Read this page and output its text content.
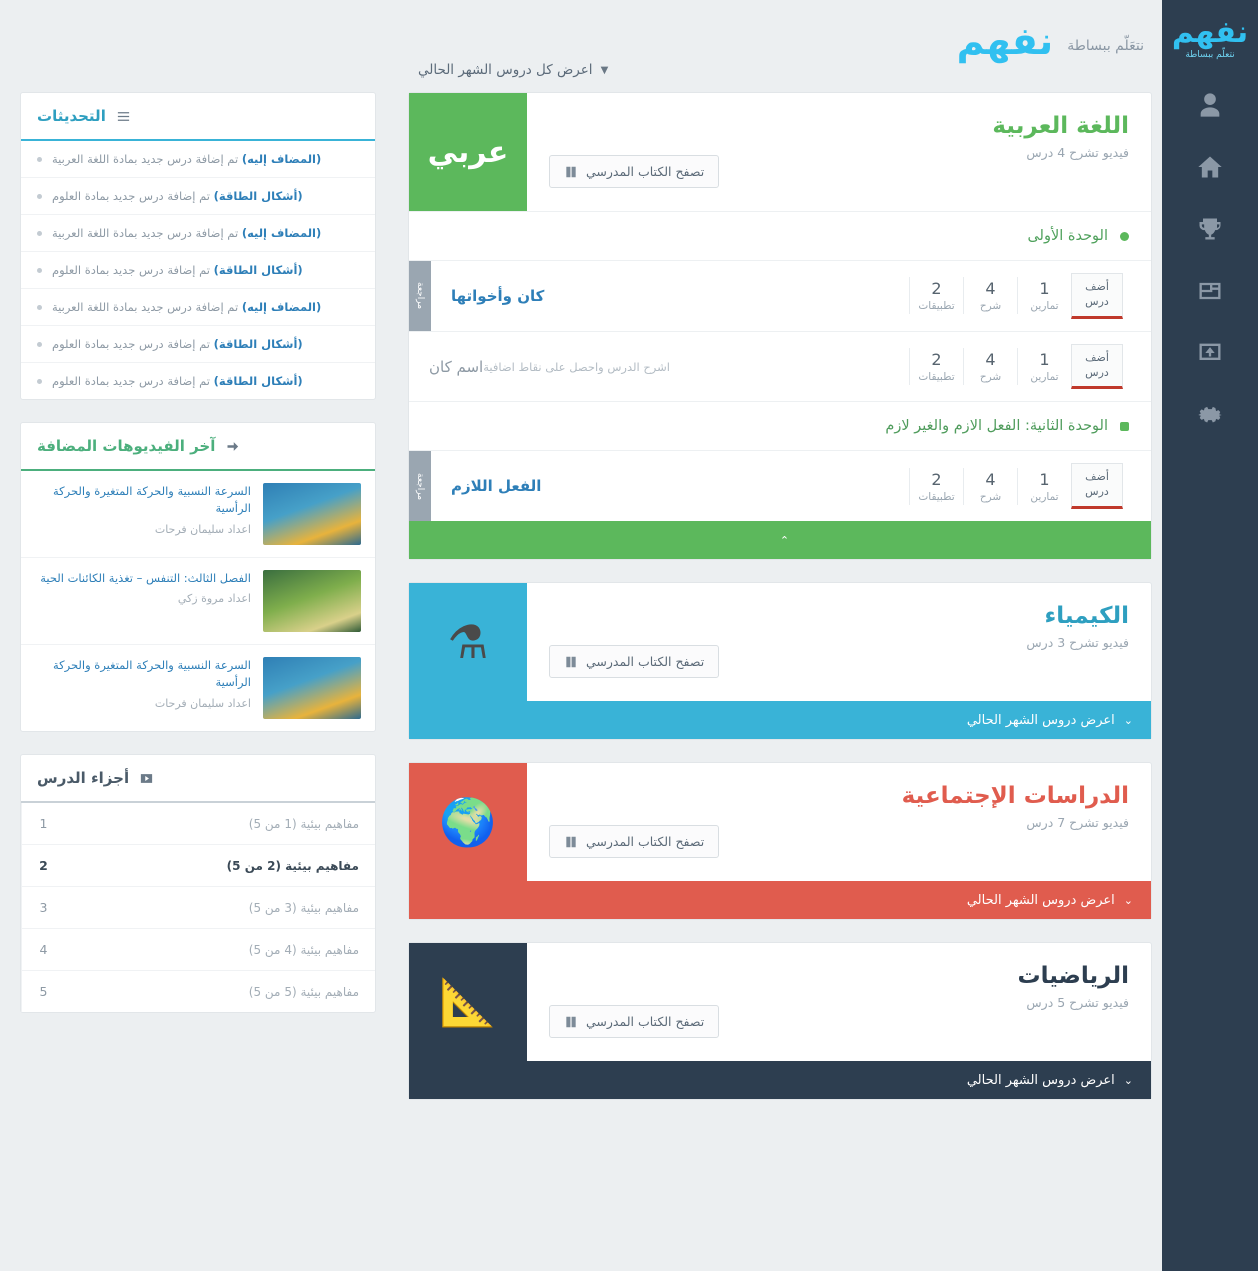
نفهم
نتعلّم ببساطة
نفهم نتعَلّم ببساطة
▼
اعرض كل دروس الشهر الحالي
اللغة العربية
فيديو تشرح 4 درس
تصفح الكتاب المدرسي
عربي
الوحدة الأولى
أضف درس
2
تطبيقات
4
شرح
1
تمارين
كان وأخواتها
مراجعة
أضف درس
2
تطبيقات
4
شرح
1
تمارين
اشرح الدرس واحصل على نقاط اضافية
اسم كان
الوحدة الثانية: الفعل الازم والغير لازم
أضف درس
2
تطبيقات
4
شرح
1
تمارين
الفعل اللازم
مراجعة
⌃
الكيمياء
فيديو تشرح 3 درس
تصفح الكتاب المدرسي
⚗
⌄
اعرض دروس الشهر الحالي
الدراسات الإجتماعية
فيديو تشرح 7 درس
تصفح الكتاب المدرسي
🌍
⌄
اعرض دروس الشهر الحالي
الرياضيات
فيديو تشرح 5 درس
تصفح الكتاب المدرسي
📐
⌄
اعرض دروس الشهر الحالي
التحديثات
(المضاف إليه) تم إضافة درس جديد بمادة اللغة العربية
(أشكال الطاقة) تم إضافة درس جديد بمادة العلوم
(المضاف إليه) تم إضافة درس جديد بمادة اللغة العربية
(أشكال الطاقة) تم إضافة درس جديد بمادة العلوم
(المضاف إليه) تم إضافة درس جديد بمادة اللغة العربية
(أشكال الطاقة) تم إضافة درس جديد بمادة العلوم
(أشكال الطاقة) تم إضافة درس جديد بمادة العلوم
آخر الفيديوهات المضافة
السرعة النسبية والحركة المتغيرة والحركة الرأسية
اعداد سليمان فرحات
الفصل الثالث: التنفس – تغذية الكائنات الحية
اعداد مروة زكي
السرعة النسبية والحركة المتغيرة والحركة الرأسية
اعداد سليمان فرحات
أجزاء الدرس
مفاهيم بيئية (1 من 5)
1
مفاهيم بيئية (2 من 5)
2
مفاهيم بيئية (3 من 5)
3
مفاهيم بيئية (4 من 5)
4
مفاهيم بيئية (5 من 5)
5
